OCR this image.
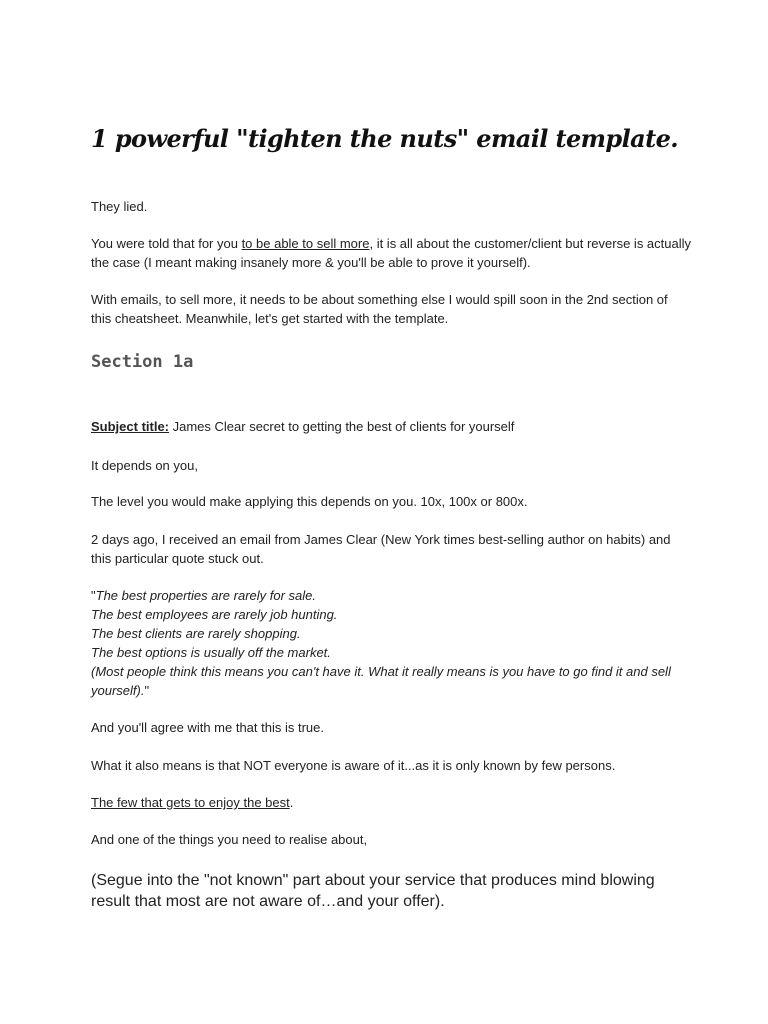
1 powerful "tighten the nuts" email template.

They lied.

You were told that for you to be able to sell more, it is all about the customer/client but reverse is actually the case (I meant making insanely more & you'll be able to prove it yourself).

With emails, to sell more, it needs to be about something else I would spill soon in the 2nd section of this cheatsheet. Meanwhile, let's get started with the template.

Section 1a

Subject title: James Clear secret to getting the best of clients for yourself

It depends on you,

The level you would make applying this depends on you. 10x, 100x or 800x.

2 days ago, I received an email from James Clear (New York times best-selling author on habits) and this particular quote stuck out.

"The best properties are rarely for sale.
The best employees are rarely job hunting.
The best clients are rarely shopping.
The best options is usually off the market.
(Most people think this means you can't have it. What it really means is you have to go find it and sell yourself)."

And you'll agree with me that this is true.

What it also means is that NOT everyone is aware of it...as it is only known by few persons.

The few that gets to enjoy the best.

And one of the things you need to realise about,

(Segue into the "not known" part about your service that produces mind blowing result that most are not aware of…and your offer).
